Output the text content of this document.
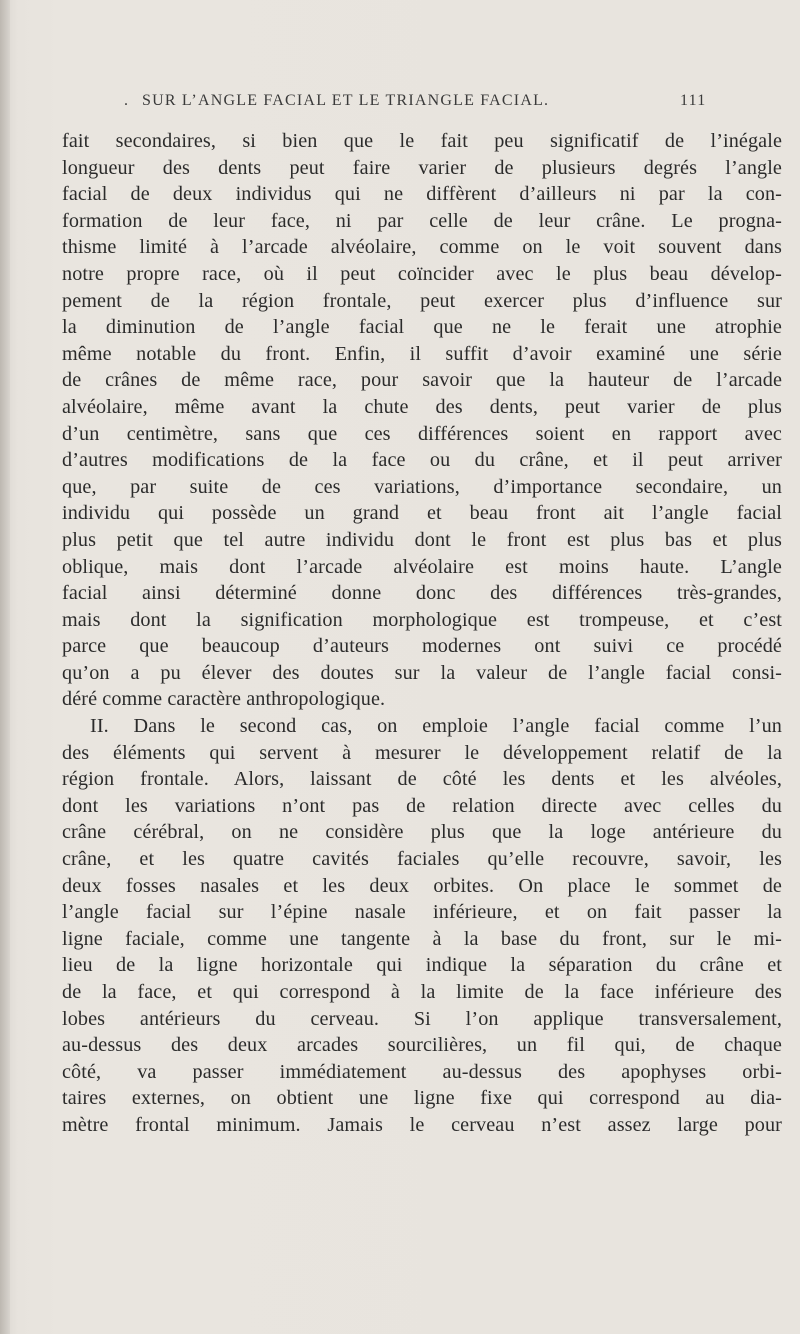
. SUR L’ANGLE FACIAL ET LE TRIANGLE FACIAL.	111
fait secondaires, si bien que le fait peu significatif de l’inégale
longueur des dents peut faire varier de plusieurs degrés l’angle
facial de deux individus qui ne diffèrent d’ailleurs ni par la con-
formation de leur face, ni par celle de leur crâne. Le progna-
thisme limité à l’arcade alvéolaire, comme on le voit souvent dans
notre propre race, où il peut coïncider avec le plus beau dévelop-
pement de la région frontale, peut exercer plus d’influence sur
la diminution de l’angle facial que ne le ferait une atrophie
même notable du front. Enfin, il suffit d’avoir examiné une série
de crânes de même race, pour savoir que la hauteur de l’arcade
alvéolaire, même avant la chute des dents, peut varier de plus
d’un centimètre, sans que ces différences soient en rapport avec
d’autres modifications de la face ou du crâne, et il peut arriver
que, par suite de ces variations, d’importance secondaire, un
individu qui possède un grand et beau front ait l’angle facial
plus petit que tel autre individu dont le front est plus bas et plus
oblique, mais dont l’arcade alvéolaire est moins haute. L’angle
facial ainsi déterminé donne donc des différences très-grandes,
mais dont la signification morphologique est trompeuse, et c’est
parce que beaucoup d’auteurs modernes ont suivi ce procédé
qu’on a pu élever des doutes sur la valeur de l’angle facial consi-
déré comme caractère anthropologique.
II. Dans le second cas, on emploie l’angle facial comme l’un
des éléments qui servent à mesurer le développement relatif de la
région frontale. Alors, laissant de côté les dents et les alvéoles,
dont les variations n’ont pas de relation directe avec celles du
crâne cérébral, on ne considère plus que la loge antérieure du
crâne, et les quatre cavités faciales qu’elle recouvre, savoir, les
deux fosses nasales et les deux orbites. On place le sommet de
l’angle facial sur l’épine nasale inférieure, et on fait passer la
ligne faciale, comme une tangente à la base du front, sur le mi-
lieu de la ligne horizontale qui indique la séparation du crâne et
de la face, et qui correspond à la limite de la face inférieure des
lobes antérieurs du cerveau. Si l’on applique transversalement,
au-dessus des deux arcades sourcilières, un fil qui, de chaque
côté, va passer immédiatement au-dessus des apophyses orbi-
taires externes, on obtient une ligne fixe qui correspond au dia-
mètre frontal minimum. Jamais le cerveau n’est assez large pour
